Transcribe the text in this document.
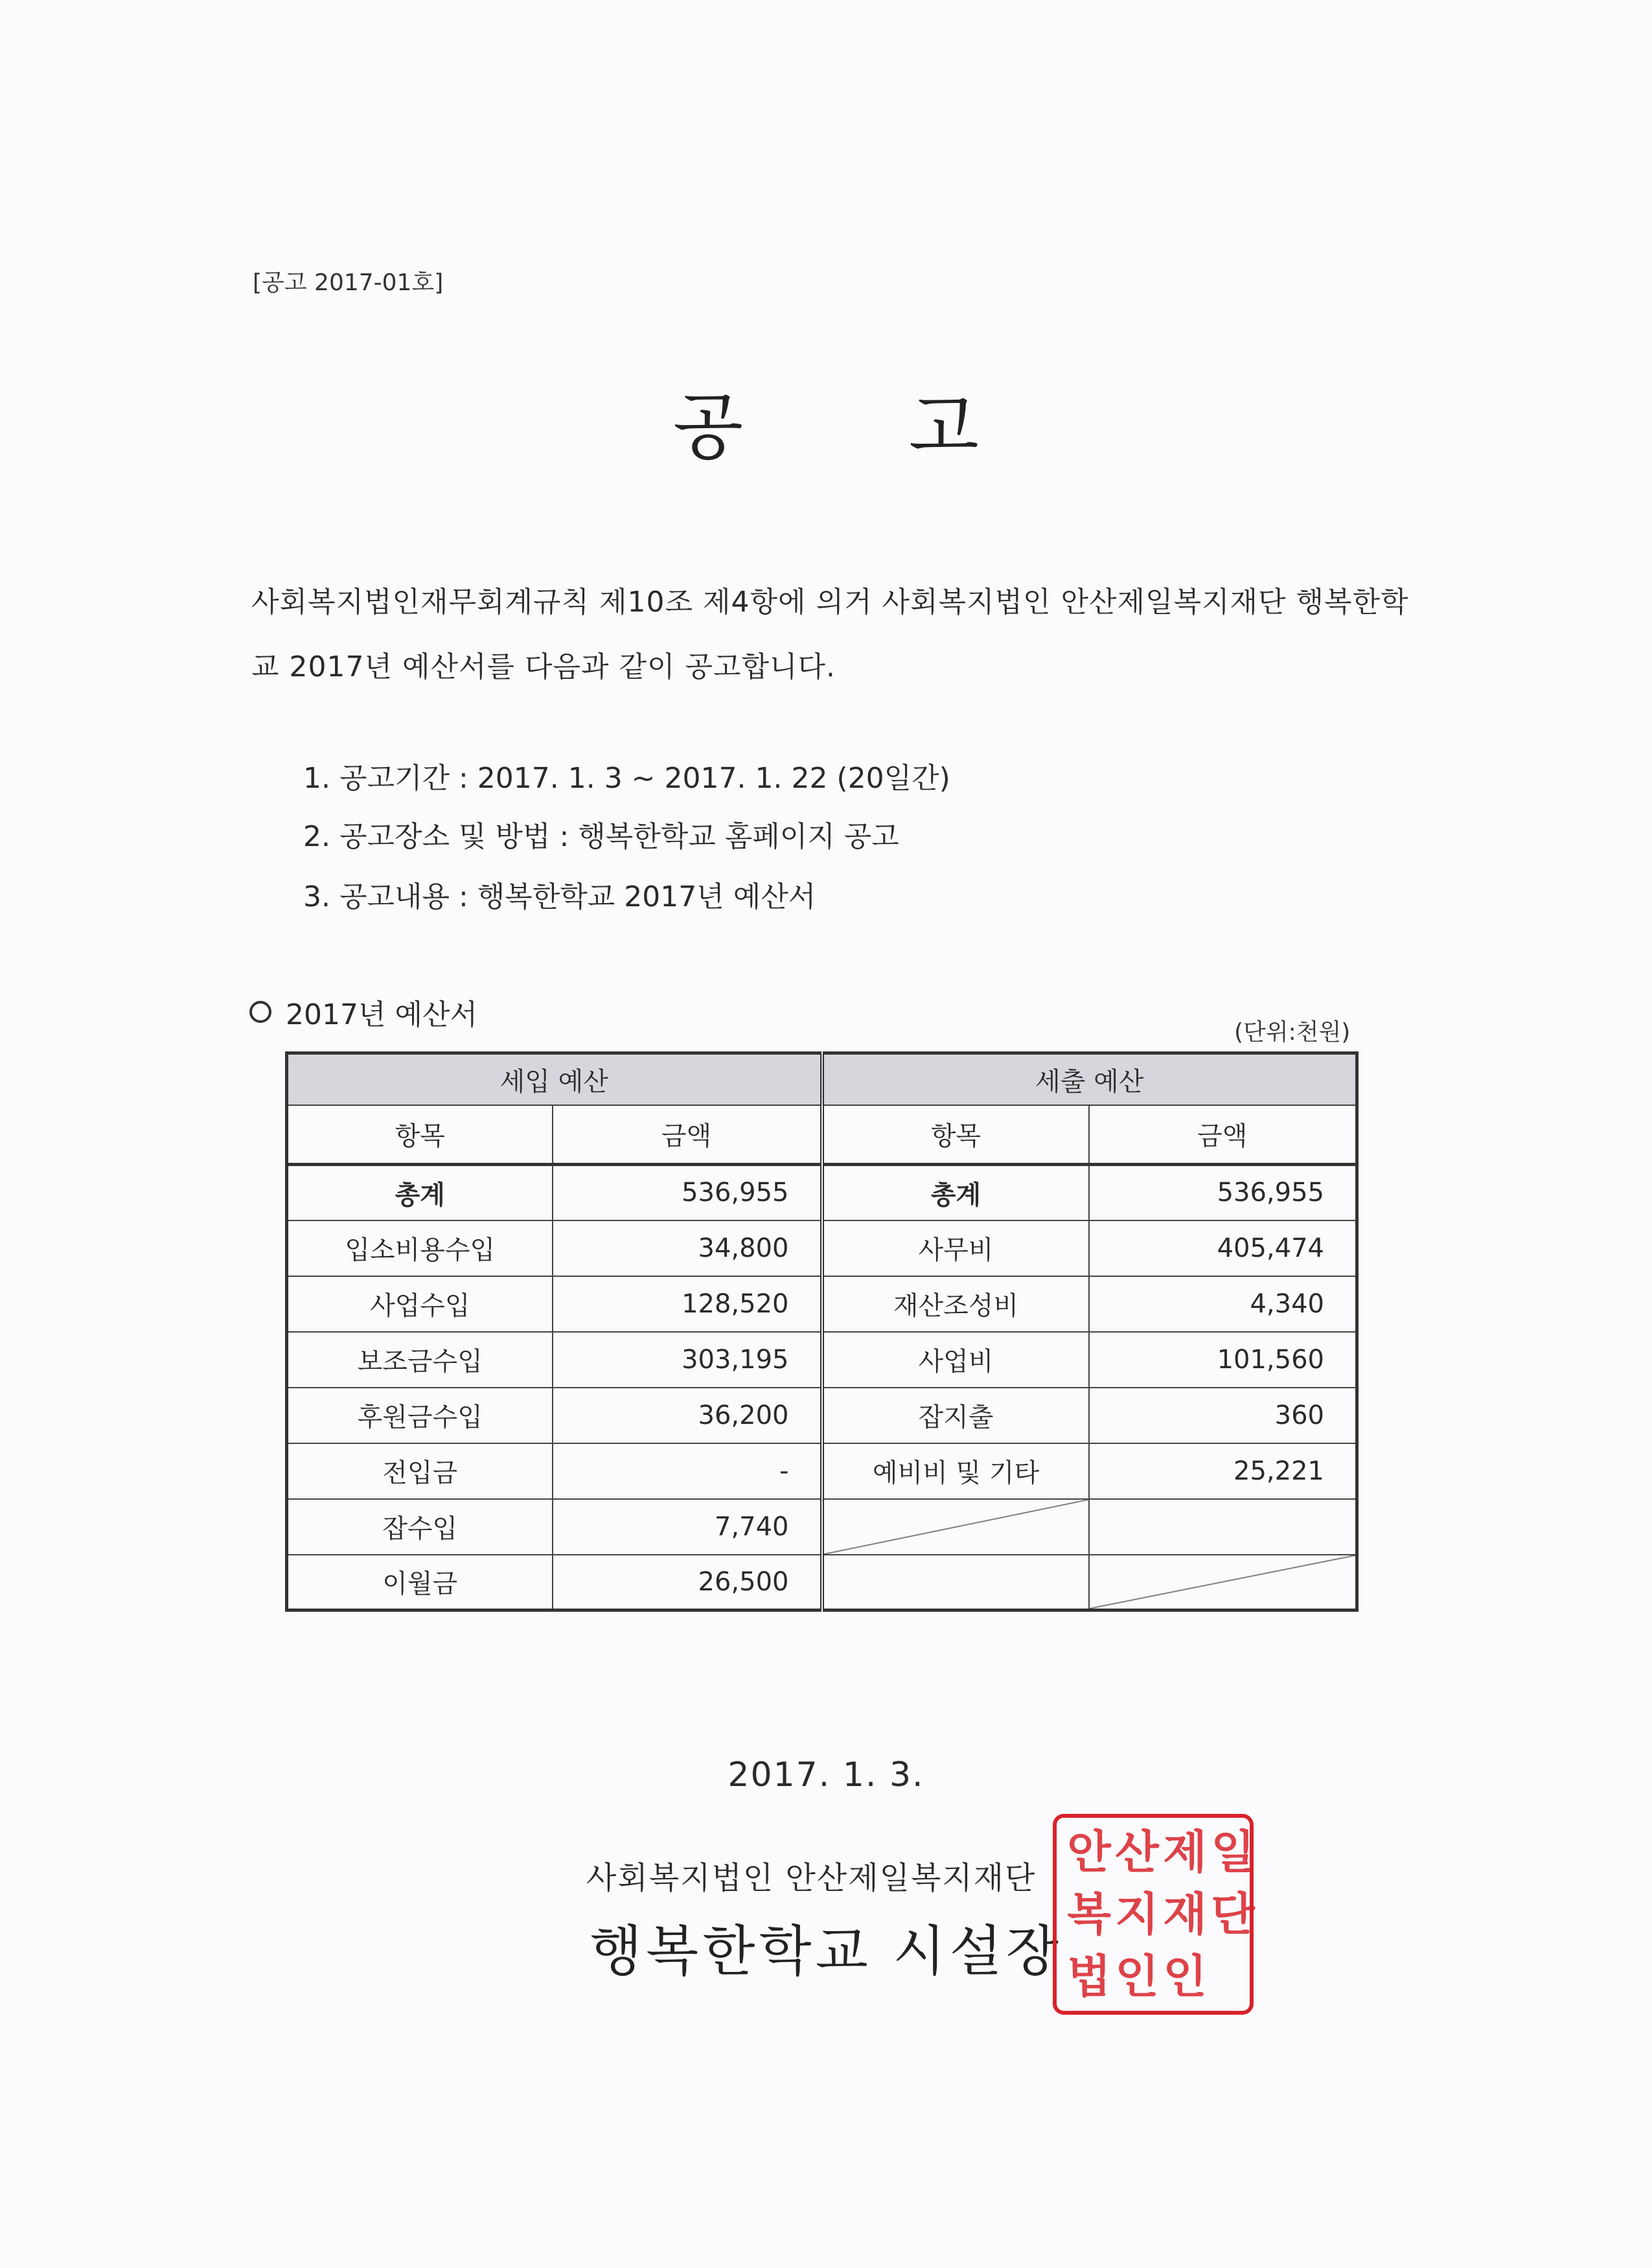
[공고 2017-01호]
공 고
사회복지법인재무회계규칙 제10조 제4항에 의거 사회복지법인 안산제일복지재단 행복한학교 2017년 예산서를 다음과 같이 공고합니다.
1. 공고기간 : 2017. 1. 3 ~ 2017. 1. 22 (20일간)
2. 공고장소 및 방법 : 행복한학교 홈페이지 공고
3. 공고내용 : 행복한학교 2017년 예산서
2017년 예산서
(단위:천원)
세입 예산		세출 예산	
항목	금액	항목	금액
총계	536,955	총계	536,955
입소비용수입	34,800	사무비	405,474
사업수입	128,520	재산조성비	4,340
보조금수입	303,195	사업비	101,560
후원금수입	36,200	잡지출	360
전입금	-	예비비 및 기타	25,221
잡수입	7,740		
이월금	26,500		
2017. 1. 3.
사회복지법인 안산제일복지재단
행복한학교 시설장
안 산 제 일
복 지 재 단
법 인 인
